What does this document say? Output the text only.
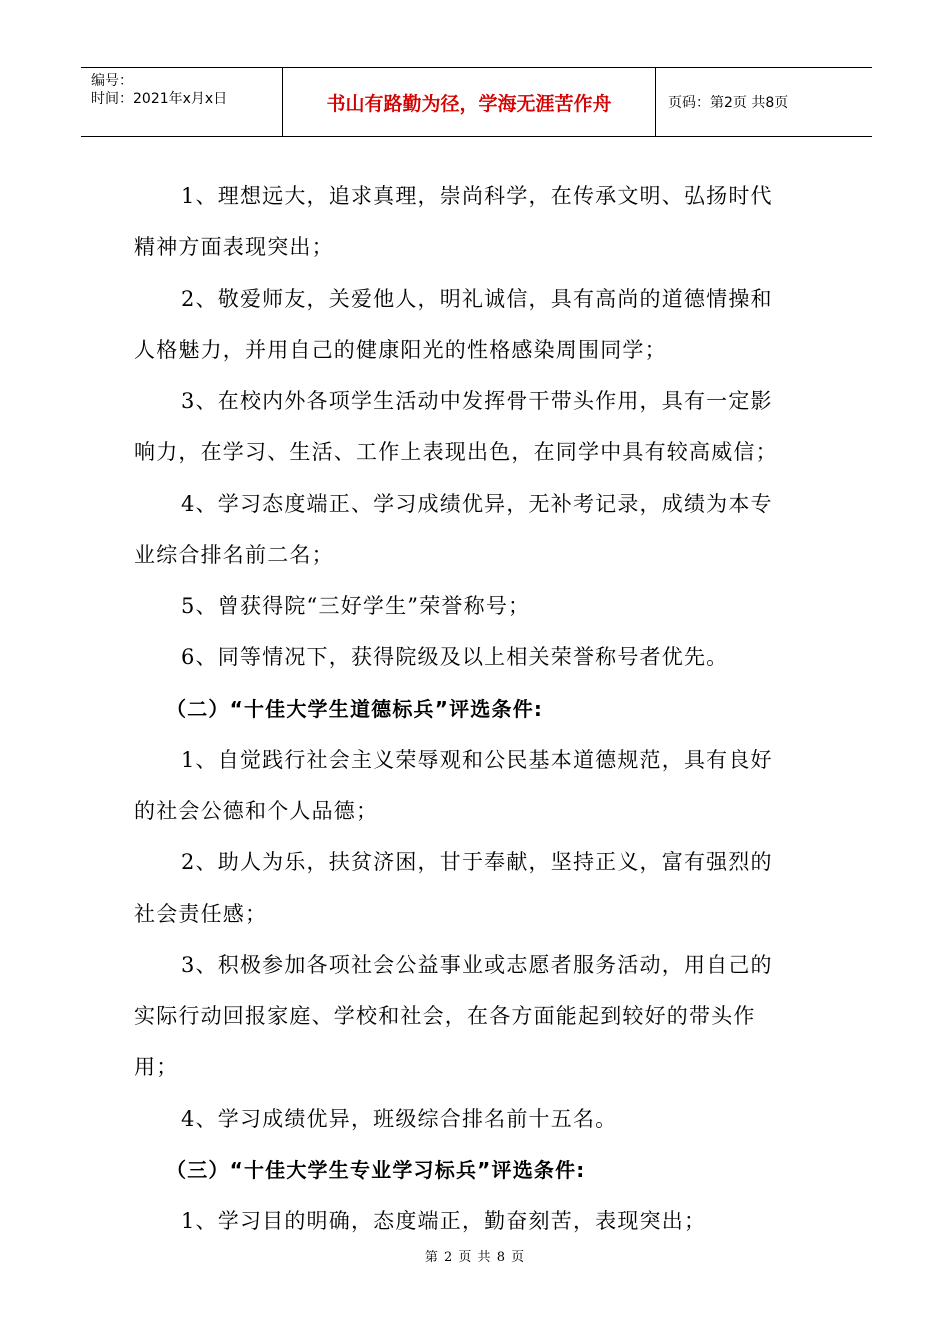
编号：
时间：2021年x月x日	书山有路勤为径，学海无涯苦作舟	页码：第2页 共8页
1、理想远大，追求真理，崇尚科学，在传承文明、弘扬时代
精神方面表现突出；
2、敬爱师友，关爱他人，明礼诚信，具有高尚的道德情操和
人格魅力，并用自己的健康阳光的性格感染周围同学；
3、在校内外各项学生活动中发挥骨干带头作用，具有一定影
响力，在学习、生活、工作上表现出色，在同学中具有较高威信；
4、学习态度端正、学习成绩优异，无补考记录，成绩为本专
业综合排名前二名；
5、曾获得院“三好学生”荣誉称号；
6、同等情况下，获得院级及以上相关荣誉称号者优先。
（二）“十佳大学生道德标兵”评选条件:
1、自觉践行社会主义荣辱观和公民基本道德规范，具有良好
的社会公德和个人品德；
2、助人为乐，扶贫济困，甘于奉献，坚持正义，富有强烈的
社会责任感；
3、积极参加各项社会公益事业或志愿者服务活动，用自己的
实际行动回报家庭、学校和社会，在各方面能起到较好的带头作
用；
4、学习成绩优异，班级综合排名前十五名。
（三）“十佳大学生专业学习标兵”评选条件:
1、学习目的明确，态度端正，勤奋刻苦，表现突出；
第 2 页 共 8 页
